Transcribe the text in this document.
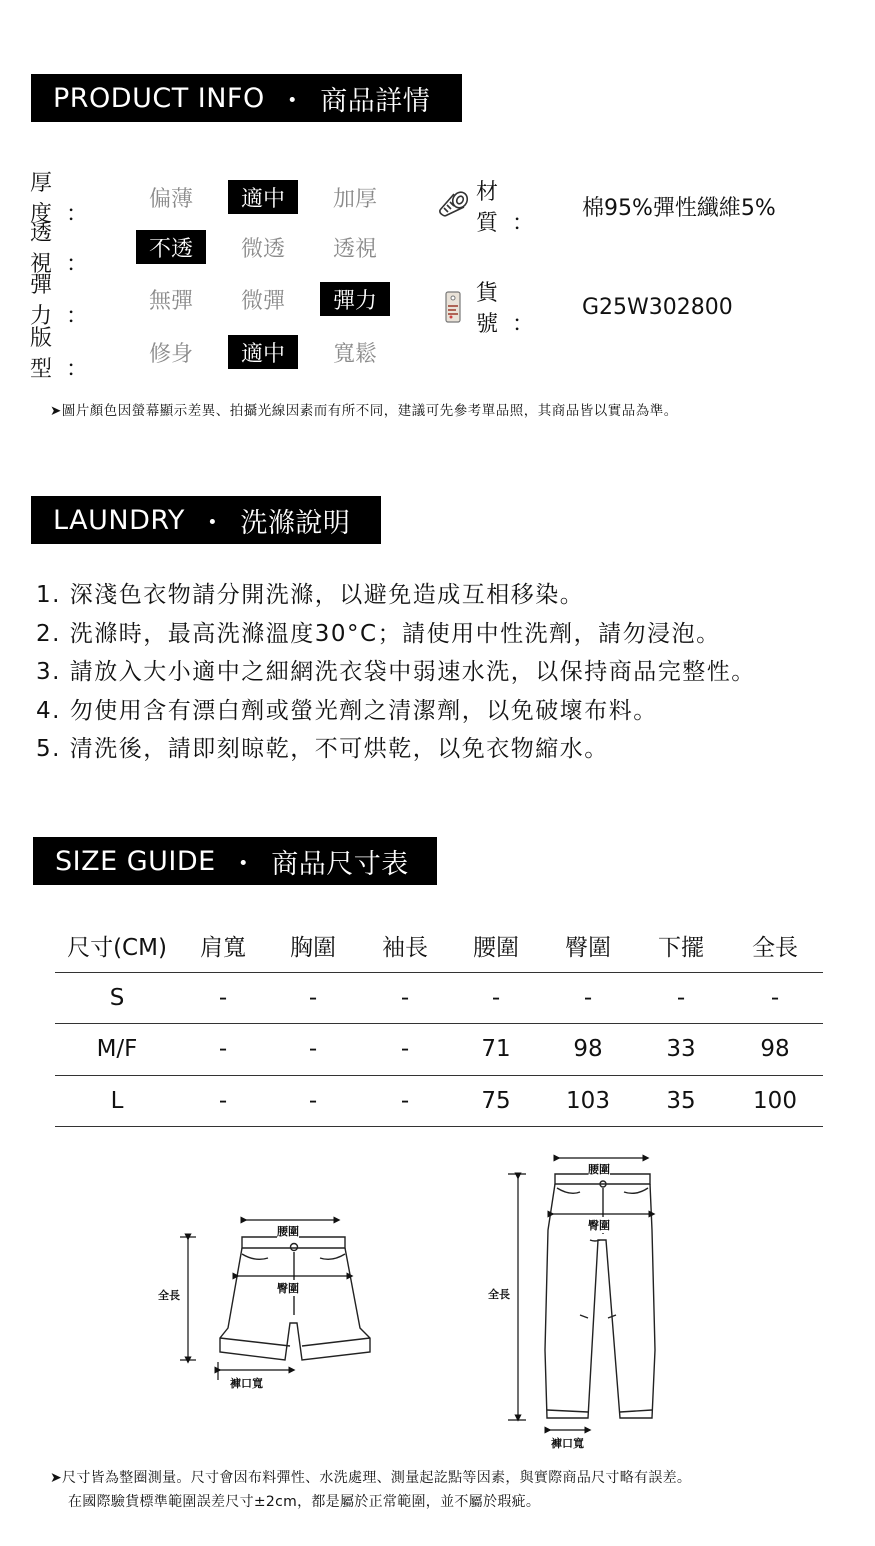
PRODUCT INFO ・ 商品詳情
厚 度：
偏薄	適中	加厚
透 視：
不透	微透	透視
彈 力：
無彈	微彈	彈力
版 型：
修身	適中	寬鬆
材 質：
棉95%彈性纖維5%
貨 號：
G25W302800
➤圖片顏色因螢幕顯示差異、拍攝光線因素而有所不同，建議可先參考單品照，其商品皆以實品為準。
LAUNDRY ・ 洗滌說明
1. 深淺色衣物請分開洗滌，以避免造成互相移染。
2. 洗滌時，最高洗滌溫度30°C；請使用中性洗劑，請勿浸泡。
3. 請放入大小適中之細網洗衣袋中弱速水洗，以保持商品完整性。
4. 勿使用含有漂白劑或螢光劑之清潔劑，以免破壞布料。
5. 清洗後，請即刻晾乾，不可烘乾，以免衣物縮水。
SIZE GUIDE ・ 商品尺寸表
尺寸(CM)	肩寬	胸圍	袖長	腰圍	臀圍	下擺	全長
S	-	-	-	-	-	-	-
M/F	-	-	-	71	98	33	98
L	-	-	-	75	103	35	100
腰圍
臀圍
全長
褲口寬
腰圍
臀圍
全長
褲口寬
➤尺寸皆為整圈測量。尺寸會因布料彈性、水洗處理、測量起訖點等因素，與實際商品尺寸略有誤差。
在國際驗貨標準範圍誤差尺寸±2cm，都是屬於正常範圍，並不屬於瑕疵。
